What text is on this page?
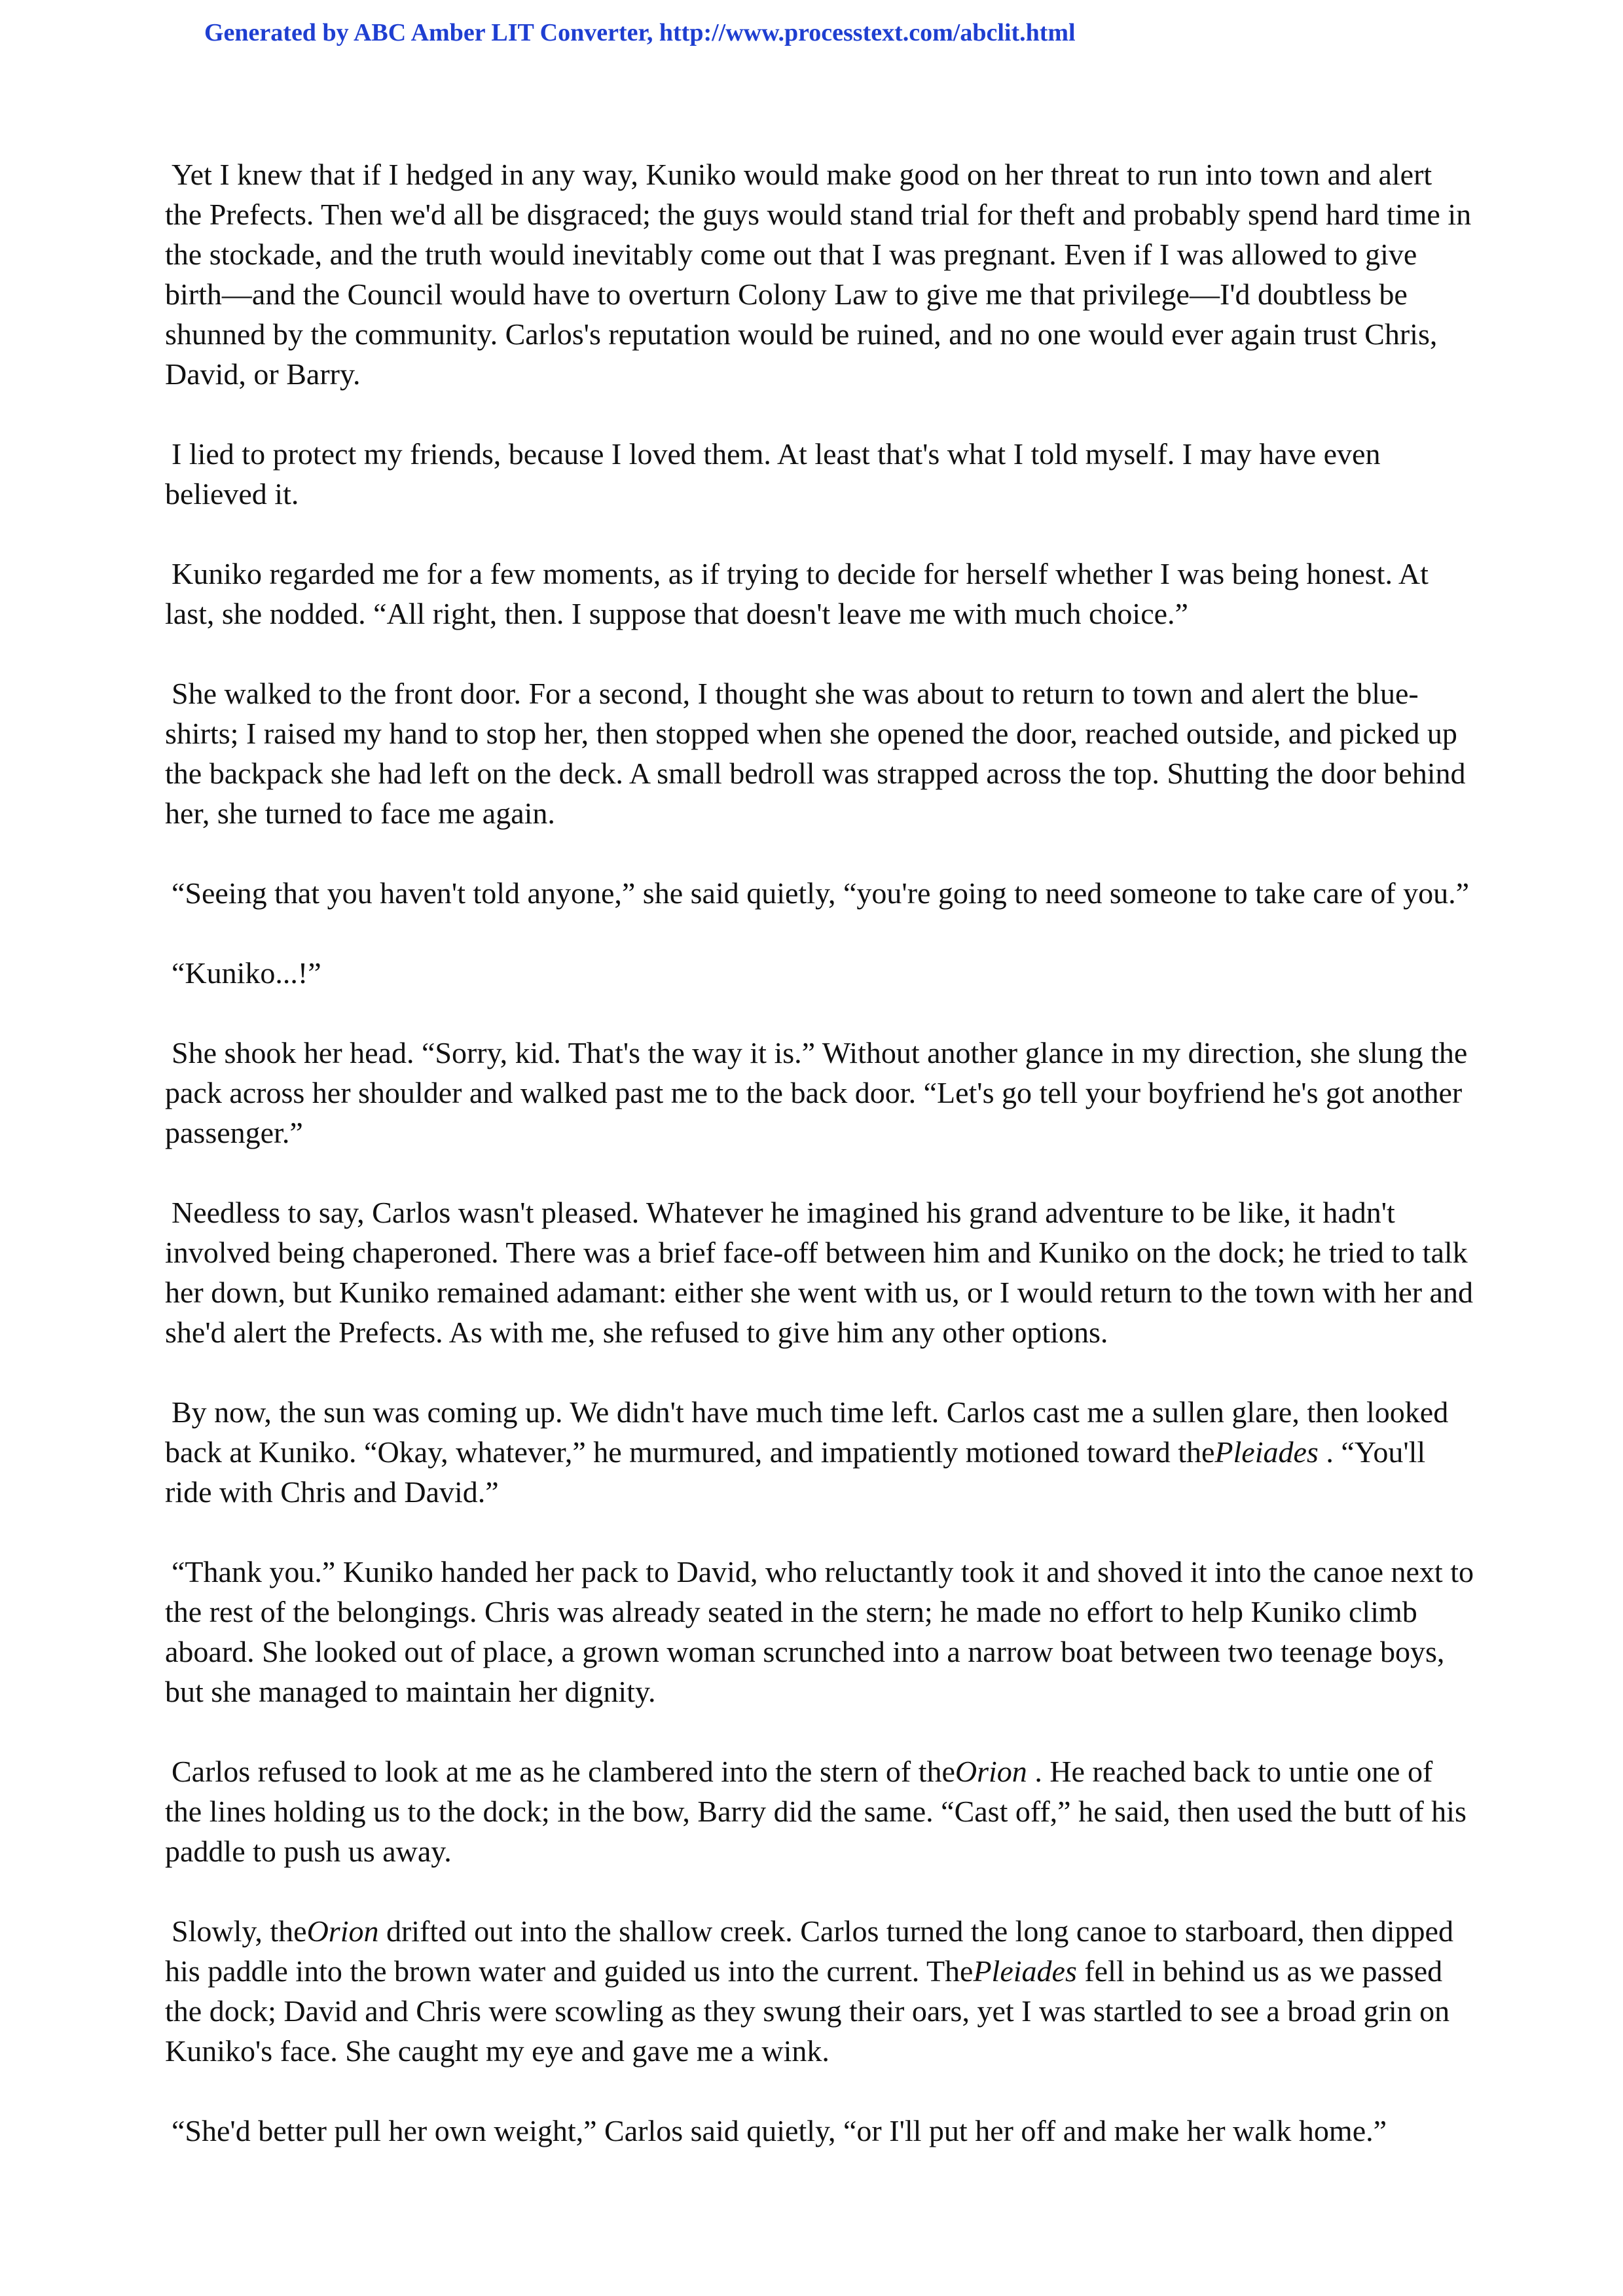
Generated by ABC Amber LIT Converter, http://www.processtext.com/abclit.html

Yet I knew that if I hedged in any way, Kuniko would make good on her threat to run into town and alert the Prefects. Then we'd all be disgraced; the guys would stand trial for theft and probably spend hard time in the stockade, and the truth would inevitably come out that I was pregnant. Even if I was allowed to give birth—and the Council would have to overturn Colony Law to give me that privilege—I'd doubtless be shunned by the community. Carlos's reputation would be ruined, and no one would ever again trust Chris, David, or Barry.

I lied to protect my friends, because I loved them. At least that's what I told myself. I may have even believed it.

Kuniko regarded me for a few moments, as if trying to decide for herself whether I was being honest. At last, she nodded. “All right, then. I suppose that doesn't leave me with much choice.”

She walked to the front door. For a second, I thought she was about to return to town and alert the blue-shirts; I raised my hand to stop her, then stopped when she opened the door, reached outside, and picked up the backpack she had left on the deck. A small bedroll was strapped across the top. Shutting the door behind her, she turned to face me again.

“Seeing that you haven't told anyone,” she said quietly, “you're going to need someone to take care of you.”

“Kuniko...!”

She shook her head. “Sorry, kid. That's the way it is.” Without another glance in my direction, she slung the pack across her shoulder and walked past me to the back door. “Let's go tell your boyfriend he's got another passenger.”

Needless to say, Carlos wasn't pleased. Whatever he imagined his grand adventure to be like, it hadn't involved being chaperoned. There was a brief face-off between him and Kuniko on the dock; he tried to talk her down, but Kuniko remained adamant: either she went with us, or I would return to the town with her and she'd alert the Prefects. As with me, she refused to give him any other options.

By now, the sun was coming up. We didn't have much time left. Carlos cast me a sullen glare, then looked back at Kuniko. “Okay, whatever,” he murmured, and impatiently motioned toward thePleiades . “You'll ride with Chris and David.”

“Thank you.” Kuniko handed her pack to David, who reluctantly took it and shoved it into the canoe next to the rest of the belongings. Chris was already seated in the stern; he made no effort to help Kuniko climb aboard. She looked out of place, a grown woman scrunched into a narrow boat between two teenage boys, but she managed to maintain her dignity.

Carlos refused to look at me as he clambered into the stern of theOrion . He reached back to untie one of the lines holding us to the dock; in the bow, Barry did the same. “Cast off,” he said, then used the butt of his paddle to push us away.

Slowly, theOrion drifted out into the shallow creek. Carlos turned the long canoe to starboard, then dipped his paddle into the brown water and guided us into the current. ThePleiades fell in behind us as we passed the dock; David and Chris were scowling as they swung their oars, yet I was startled to see a broad grin on Kuniko's face. She caught my eye and gave me a wink.

“She'd better pull her own weight,” Carlos said quietly, “or I'll put her off and make her walk home.”
